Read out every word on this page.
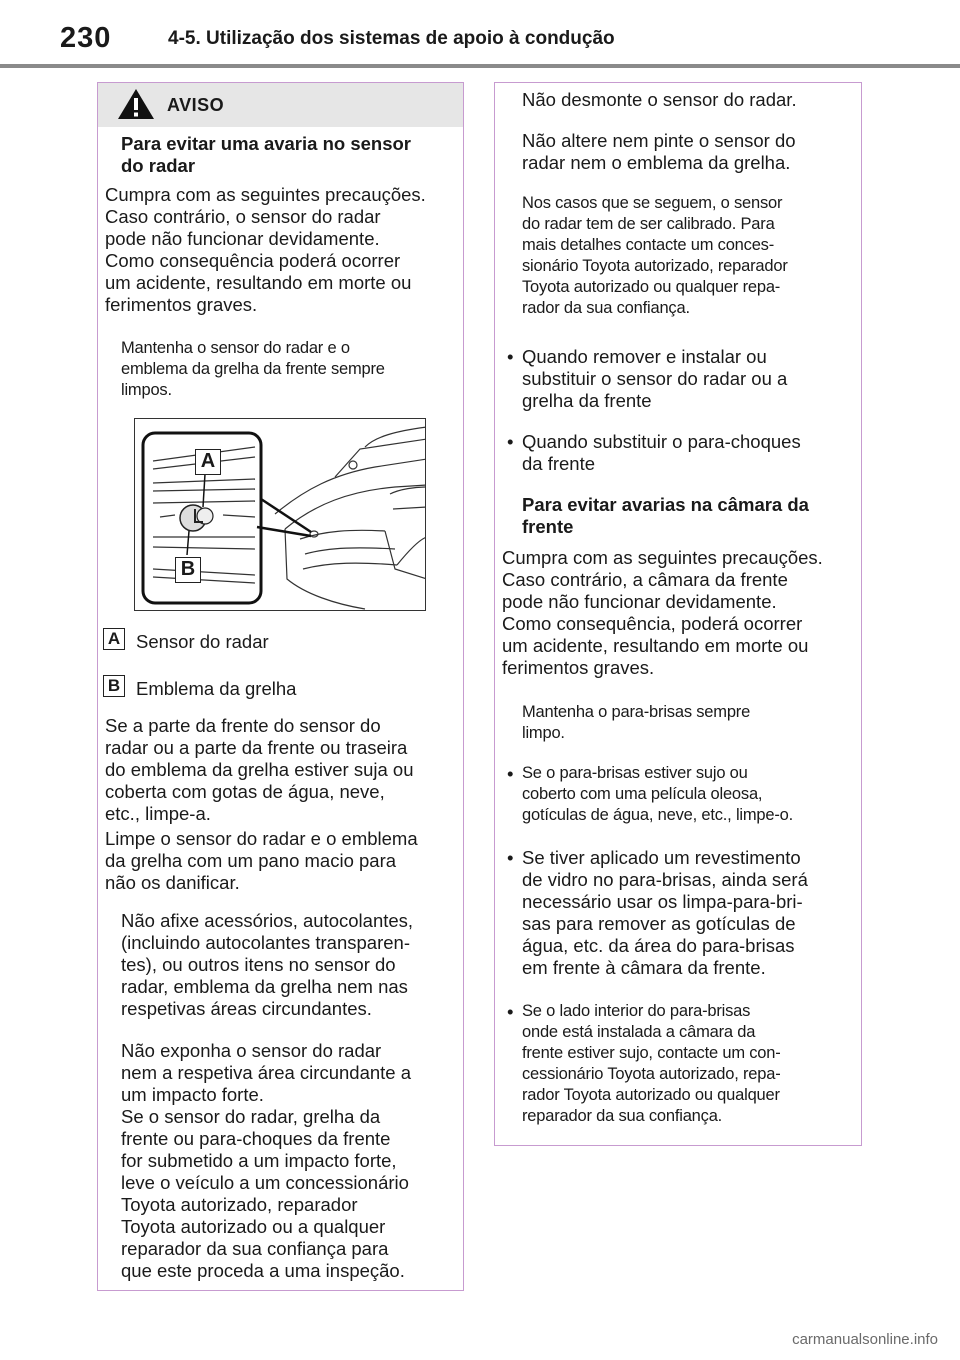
230	4-5. Utilização dos sistemas de apoio à condução
AVISO
Para evitar uma avaria no sensor
do radar
Cumpra com as seguintes precauções.
Caso contrário, o sensor do radar
pode não funcionar devidamente.
Como consequência poderá ocorrer
um acidente, resultando em morte ou
ferimentos graves.
Mantenha o sensor do radar e o
emblema da grelha da frente sempre
limpos.
A
B
A Sensor do radar
B Emblema da grelha
Se a parte da frente do sensor do
radar ou a parte da frente ou traseira
do emblema da grelha estiver suja ou
coberta com gotas de água, neve,
etc., limpe-a.
Limpe o sensor do radar e o emblema
da grelha com um pano macio para
não os danificar.
Não afixe acessórios, autocolantes,
(incluindo autocolantes transparen-
tes), ou outros itens no sensor do
radar, emblema da grelha nem nas
respetivas áreas circundantes.
Não exponha o sensor do radar
nem a respetiva área circundante a
um impacto forte.
Se o sensor do radar, grelha da
frente ou para-choques da frente
for submetido a um impacto forte,
leve o veículo a um concessionário
Toyota autorizado, reparador
Toyota autorizado ou a qualquer
reparador da sua confiança para
que este proceda a uma inspeção.
Não desmonte o sensor do radar.
Não altere nem pinte o sensor do
radar nem o emblema da grelha.
Nos casos que se seguem, o sensor
do radar tem de ser calibrado. Para
mais detalhes contacte um conces-
sionário Toyota autorizado, reparador
Toyota autorizado ou qualquer repa-
rador da sua confiança.
• Quando remover e instalar ou
substituir o sensor do radar ou a
grelha da frente
• Quando substituir o para-choques
da frente
Para evitar avarias na câmara da
frente
Cumpra com as seguintes precauções.
Caso contrário, a câmara da frente
pode não funcionar devidamente.
Como consequência, poderá ocorrer
um acidente, resultando em morte ou
ferimentos graves.
Mantenha o para-brisas sempre
limpo.
• Se o para-brisas estiver sujo ou
coberto com uma película oleosa,
gotículas de água, neve, etc., limpe-o.
• Se tiver aplicado um revestimento
de vidro no para-brisas, ainda será
necessário usar os limpa-para-bri-
sas para remover as gotículas de
água, etc. da área do para-brisas
em frente à câmara da frente.
• Se o lado interior do para-brisas
onde está instalada a câmara da
frente estiver sujo, contacte um con-
cessionário Toyota autorizado, repa-
rador Toyota autorizado ou qualquer
reparador da sua confiança.
carmanualsonline.info
